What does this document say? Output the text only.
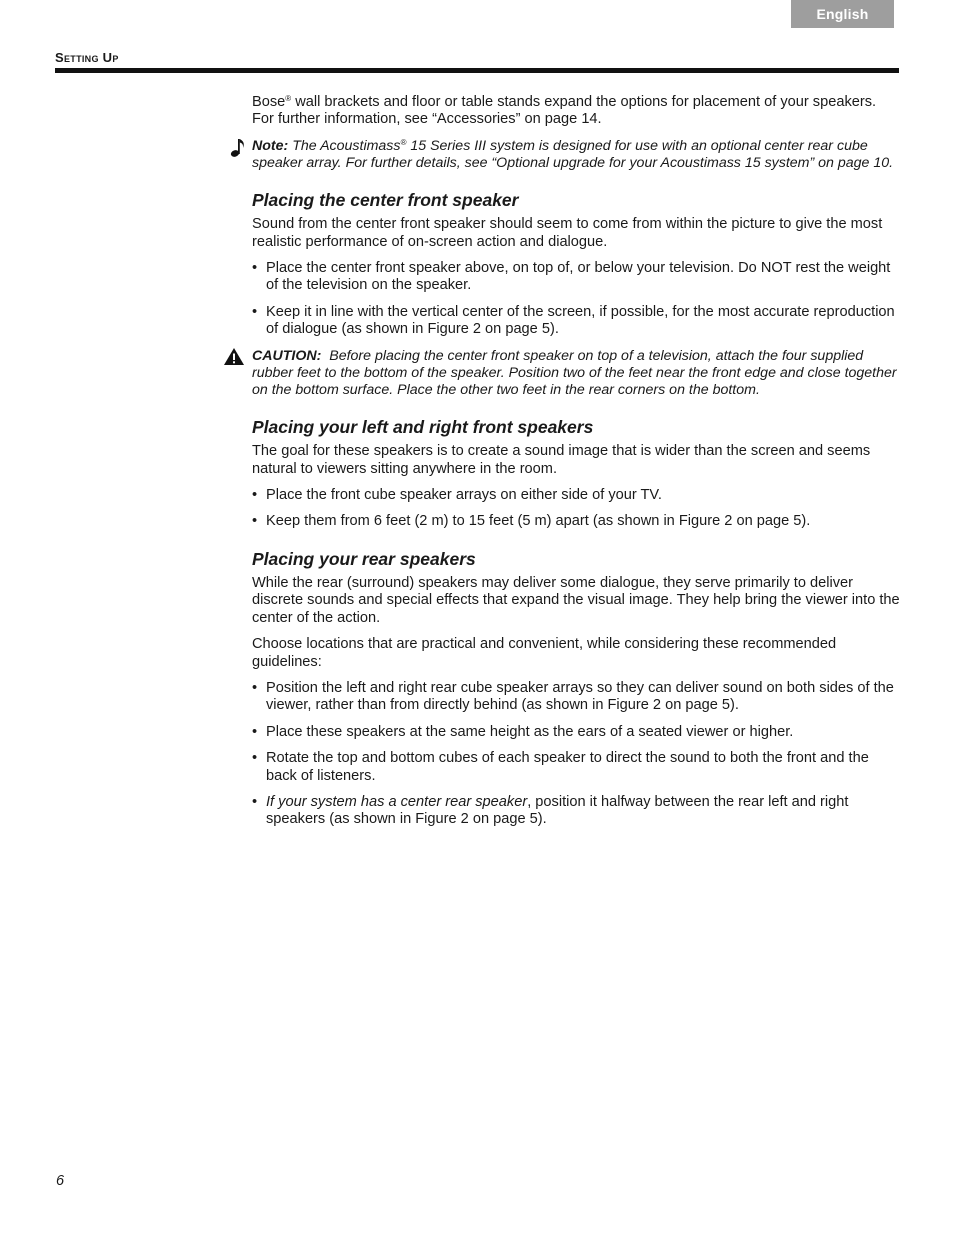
English
Setting Up

Bose® wall brackets and floor or table stands expand the options for placement of your speakers. For further information, see “Accessories” on page 14.

Note: The Acoustimass® 15 Series III system is designed for use with an optional center rear cube speaker array. For further details, see “Optional upgrade for your Acoustimass 15 system” on page 10.
Placing the center front speaker

Sound from the center front speaker should seem to come from within the picture to give the most realistic performance of on-screen action and dialogue.

• Place the center front speaker above, on top of, or below your television. Do NOT rest the weight of the television on the speaker.
• Keep it in line with the vertical center of the screen, if possible, for the most accurate reproduction of dialogue (as shown in Figure 2 on page 5).
CAUTION:  Before placing the center front speaker on top of a television, attach the four supplied rubber feet to the bottom of the speaker. Position two of the feet near the front edge and close together on the bottom surface. Place the other two feet in the rear corners on the bottom.
Placing your left and right front speakers

The goal for these speakers is to create a sound image that is wider than the screen and seems natural to viewers sitting anywhere in the room.

• Place the front cube speaker arrays on either side of your TV.
• Keep them from 6 feet (2 m) to 15 feet (5 m) apart (as shown in Figure 2 on page 5).
Placing your rear speakers

While the rear (surround) speakers may deliver some dialogue, they serve primarily to deliver discrete sounds and special effects that expand the visual image. They help bring the viewer into the center of the action.

Choose locations that are practical and convenient, while considering these recommended guidelines:

• Position the left and right rear cube speaker arrays so they can deliver sound on both sides of the viewer, rather than from directly behind (as shown in Figure 2 on page 5).
• Place these speakers at the same height as the ears of a seated viewer or higher.
• Rotate the top and bottom cubes of each speaker to direct the sound to both the front and the back of listeners.
• If your system has a center rear speaker, position it halfway between the rear left and right speakers (as shown in Figure 2 on page 5).
6
